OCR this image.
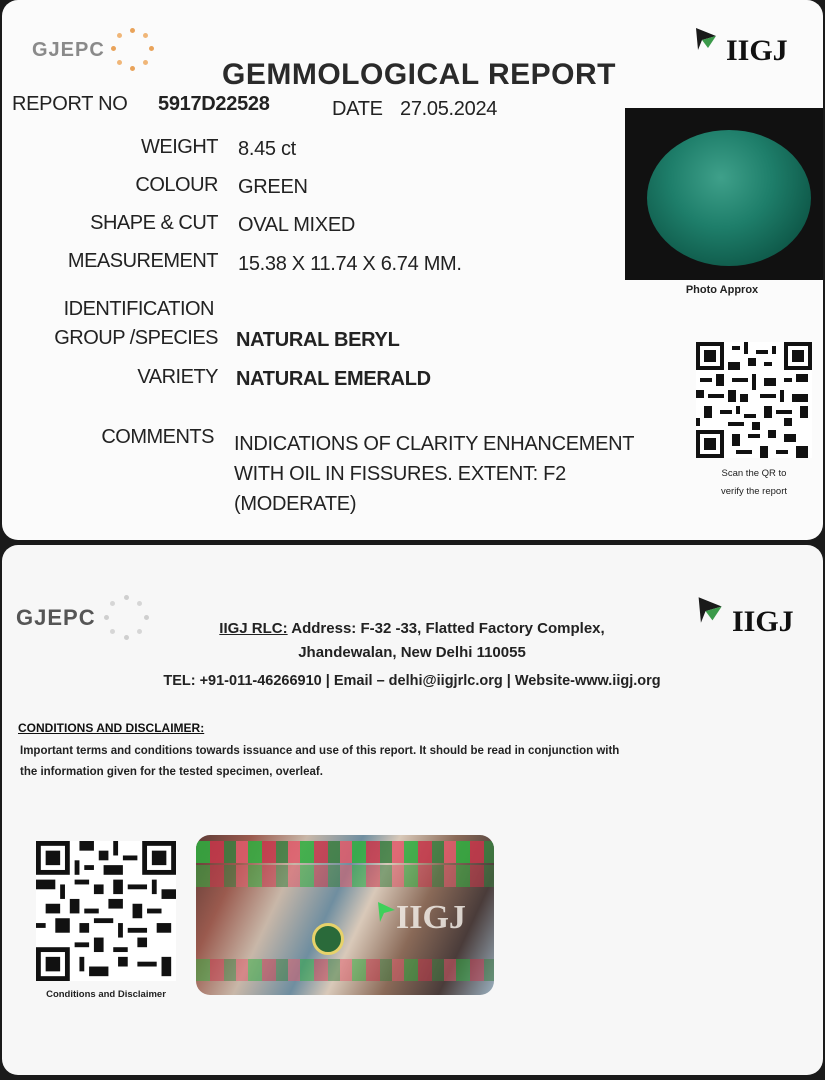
GJEPC	IIGJ
GEMMOLOGICAL REPORT
REPORT NO 5917D22528	DATE 27.05.2024
WEIGHT 8.45 ct
COLOUR GREEN
SHAPE & CUT OVAL MIXED
MEASUREMENT 15.38 X 11.74 X 6.74 MM.
IDENTIFICATION
GROUP /SPECIES NATURAL BERYL
VARIETY NATURAL EMERALD
COMMENTS INDICATIONS OF CLARITY ENHANCEMENT
WITH OIL IN FISSURES. EXTENT: F2
(MODERATE)
Photo Approx
Scan the QR to
verify the report
GJEPC	IIGJ
IIGJ RLC: Address: F-32 -33, Flatted Factory Complex,
Jhandewalan, New Delhi 110055
TEL: +91-011-46266910 | Email – delhi@iigjrlc.org | Website-www.iigj.org
CONDITIONS AND DISCLAIMER:
Important terms and conditions towards issuance and use of this report. It should be read in conjunction with
the information given for the tested specimen, overleaf.
Conditions and Disclaimer
IIGJ
